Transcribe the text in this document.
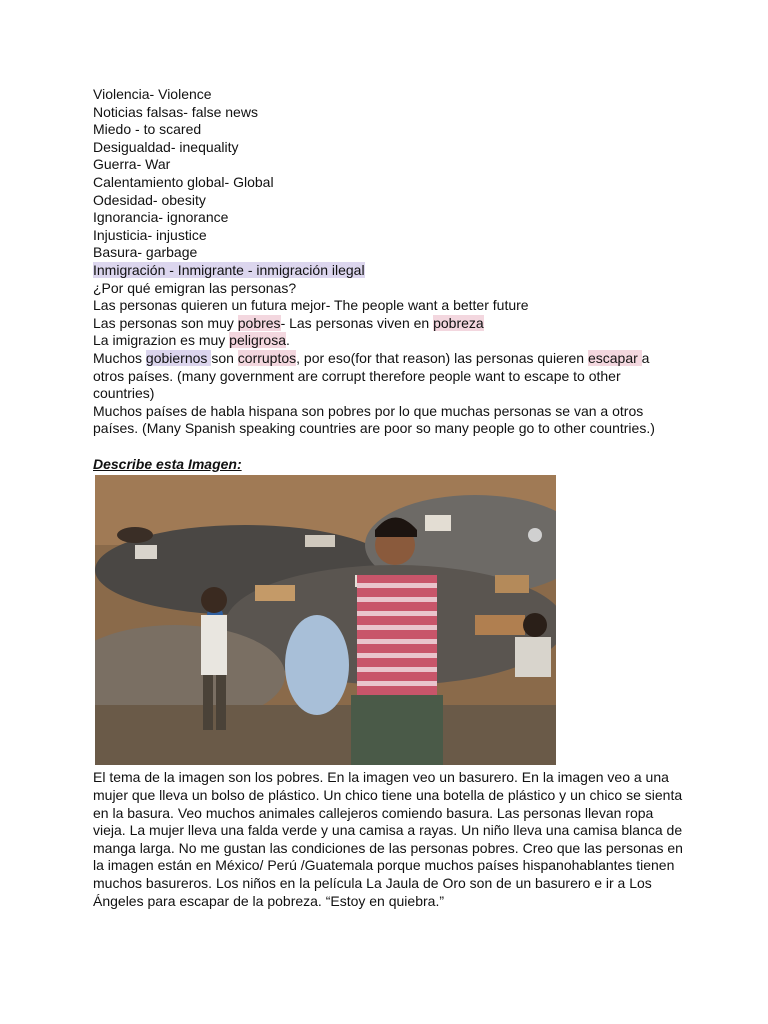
Violencia- Violence
Noticias falsas- false news
Miedo - to scared
Desigualdad- inequality
Guerra- War
Calentamiento global- Global
Odesidad- obesity
Ignorancia- ignorance
Injusticia- injustice
Basura- garbage
Inmigración - Inmigrante - inmigración ilegal
¿Por qué emigran las personas?
Las personas quieren un futura mejor- The people want a better future
Las personas son muy pobres- Las personas viven en pobreza
La imigrazion es muy peligrosa.
Muchos gobiernos son corruptos, por eso(for that reason) las personas quieren escapar a otros países. (many government are corrupt therefore people want to escape to other countries)
Muchos países de habla hispana son pobres por lo que muchas personas se van a otros países. (Many Spanish speaking countries are poor so many people go to other countries.)
Describe esta Imagen:
El tema de la imagen son los pobres. En la imagen veo un basurero. En la imagen veo a una mujer que lleva un bolso de plástico. Un chico tiene una botella de plástico y un chico se sienta en la basura. Veo muchos animales callejeros comiendo basura. Las personas llevan ropa vieja. La mujer lleva una falda verde y una camisa a rayas. Un niño lleva una camisa blanca de manga larga. No me gustan las condiciones de las personas pobres. Creo que las personas en la imagen están en México/ Perú /Guatemala porque muchos países hispanohablantes tienen muchos basureros. Los niños en la película La Jaula de Oro son de un basurero e ir a Los Ángeles para escapar de la pobreza. “Estoy en quiebra.”
